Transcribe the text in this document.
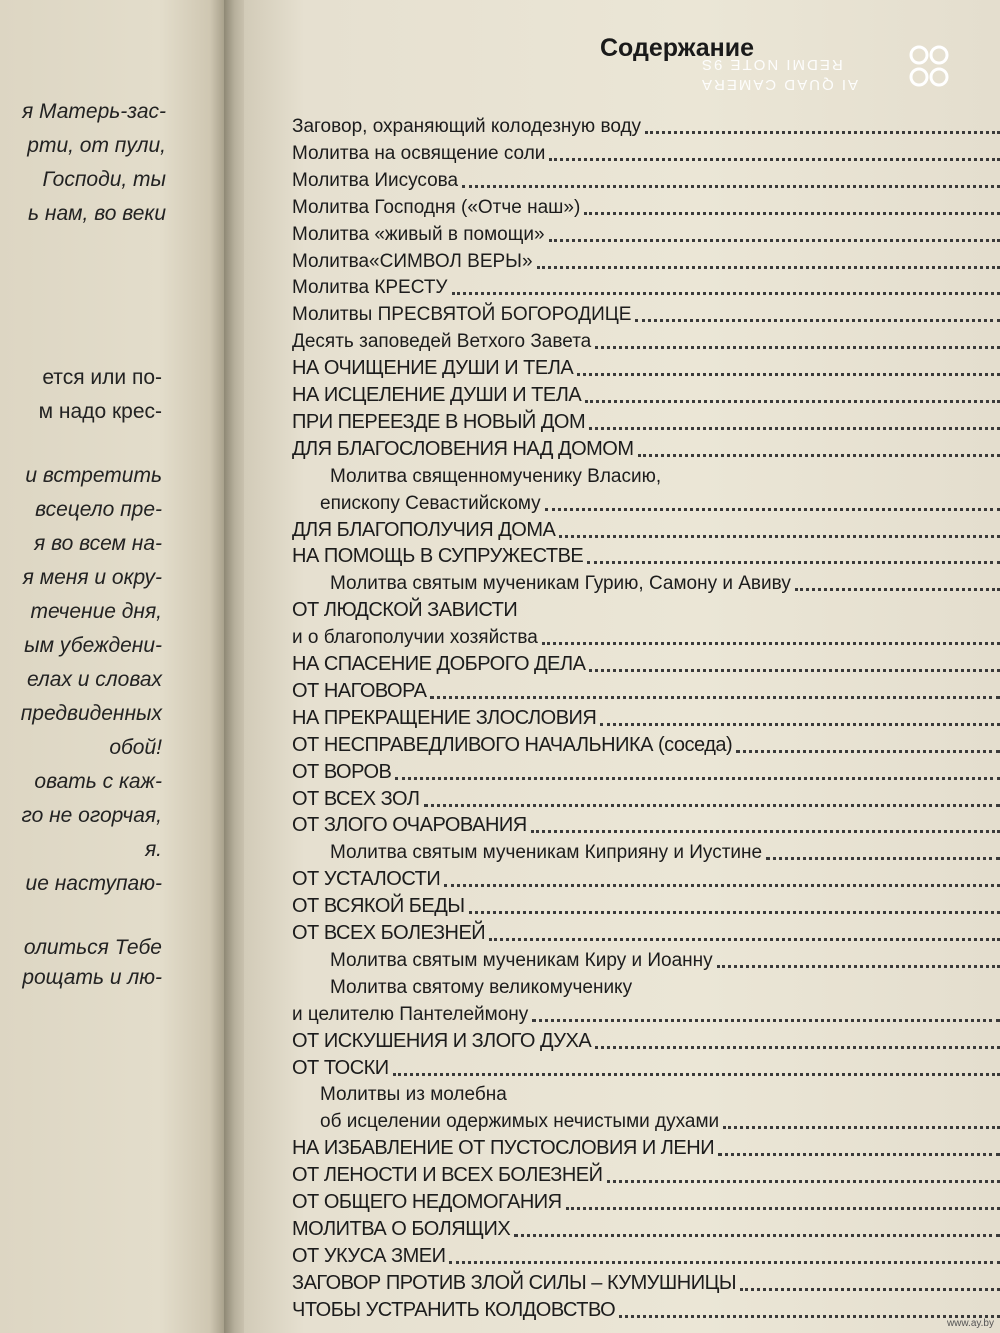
я Матерь-зас-
рти, от пули,
Господи, ты
ь нам, во веки
ется или по-
м надо крес-
и встретить
всецело пре-
я во всем на-
я меня и окру-
течение дня,
ым убеждени-
елах и словах
предвиденных
обой!
овать с каж-
го не огорчая,
я.
ие наступаю-
олиться Тебе
рощать и лю-
Содержание
AI QUAD CAMERA
REDMI NOTE 9S
Заговор, охраняющий колодезную воду
Молитва на освящение соли
Молитва Иисусова
Молитва Господня («Отче наш»)
Молитва «живый в помощи»
Молитва«СИМВОЛ ВЕРЫ»
Молитва КРЕСТУ
Молитвы ПРЕСВЯТОЙ БОГОРОДИЦЕ
Десять заповедей Ветхого Завета
НА ОЧИЩЕНИЕ ДУШИ И ТЕЛА
НА ИСЦЕЛЕНИЕ ДУШИ И ТЕЛА
ПРИ ПЕРЕЕЗДЕ В НОВЫЙ ДОМ
ДЛЯ БЛАГОСЛОВЕНИЯ НАД ДОМОМ
Молитва священномученику Власию,
епископу Севастийскому
ДЛЯ БЛАГОПОЛУЧИЯ ДОМА
НА ПОМОЩЬ В СУПРУЖЕСТВЕ
Молитва святым мученикам Гурию, Самону и Авиву
ОТ ЛЮДСКОЙ ЗАВИСТИ
и о благополучии хозяйства
НА СПАСЕНИЕ ДОБРОГО ДЕЛА
ОТ НАГОВОРА
НА ПРЕКРАЩЕНИЕ ЗЛОСЛОВИЯ
ОТ НЕСПРАВЕДЛИВОГО НАЧАЛЬНИКА (соседа)
ОТ ВОРОВ
ОТ ВСЕХ ЗОЛ
ОТ ЗЛОГО ОЧАРОВАНИЯ
Молитва святым мученикам Киприяну и Иустине
ОТ УСТАЛОСТИ
ОТ ВСЯКОЙ БЕДЫ
ОТ ВСЕХ БОЛЕЗНЕЙ
Молитва святым мученикам Киру и Иоанну
Молитва святому великомученику
и целителю Пантелеймону
ОТ ИСКУШЕНИЯ И ЗЛОГО ДУХА
ОТ ТОСКИ
Молитвы из молебна
об исцелении одержимых нечистыми духами
НА ИЗБАВЛЕНИЕ ОТ ПУСТОСЛОВИЯ И ЛЕНИ
ОТ ЛЕНОСТИ И ВСЕХ БОЛЕЗНЕЙ
ОТ ОБЩЕГО НЕДОМОГАНИЯ
МОЛИТВА О БОЛЯЩИХ
ОТ УКУСА ЗМЕИ
ЗАГОВОР ПРОТИВ ЗЛОЙ СИЛЫ – КУМУШНИЦЫ
ЧТОБЫ УСТРАНИТЬ КОЛДОВСТВО
www.ay.by
